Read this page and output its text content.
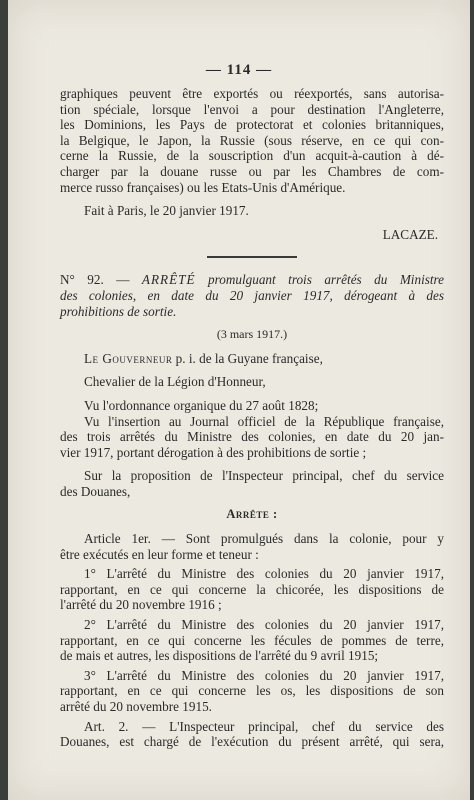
— 114 —
graphiques peuvent être exportés ou réexportés, sans autorisa-
tion spéciale, lorsque l'envoi a pour destination l'Angleterre,
les Dominions, les Pays de protectorat et colonies britanniques,
la Belgique, le Japon, la Russie (sous réserve, en ce qui con-
cerne la Russie, de la souscription d'un acquit-à-caution à dé-
charger par la douane russe ou par les Chambres de com-
merce russo françaises) ou les Etats-Unis d'Amérique.
Fait à Paris, le 20 janvier 1917.
LACAZE.
N° 92. — ARRÊTÉ promulguant trois arrêtés du Ministre
des colonies, en date du 20 janvier 1917, dérogeant à des
prohibitions de sortie.
(3 mars 1917.)
Le Gouverneur p. i. de la Guyane française,
Chevalier de la Légion d'Honneur,
Vu l'ordonnance organique du 27 août 1828;
Vu l'insertion au Journal officiel de la République française,
des trois arrêtés du Ministre des colonies, en date du 20 jan-
vier 1917, portant dérogation à des prohibitions de sortie ;
Sur la proposition de l'Inspecteur principal, chef du service
des Douanes,
Arrête :
Article 1er. — Sont promulgués dans la colonie, pour y
être exécutés en leur forme et teneur :
1° L'arrêté du Ministre des colonies du 20 janvier 1917,
rapportant, en ce qui concerne la chicorée, les dispositions de
l'arrêté du 20 novembre 1916 ;
2° L'arrêté du Ministre des colonies du 20 janvier 1917,
rapportant, en ce qui concerne les fécules de pommes de terre,
de mais et autres, les dispositions de l'arrêté du 9 avril 1915;
3° L'arrêté du Ministre des colonies du 20 janvier 1917,
rapportant, en ce qui concerne les os, les dispositions de son
arrêté du 20 novembre 1915.
Art. 2. — L'Inspecteur principal, chef du service des
Douanes, est chargé de l'exécution du présent arrêté, qui sera,
